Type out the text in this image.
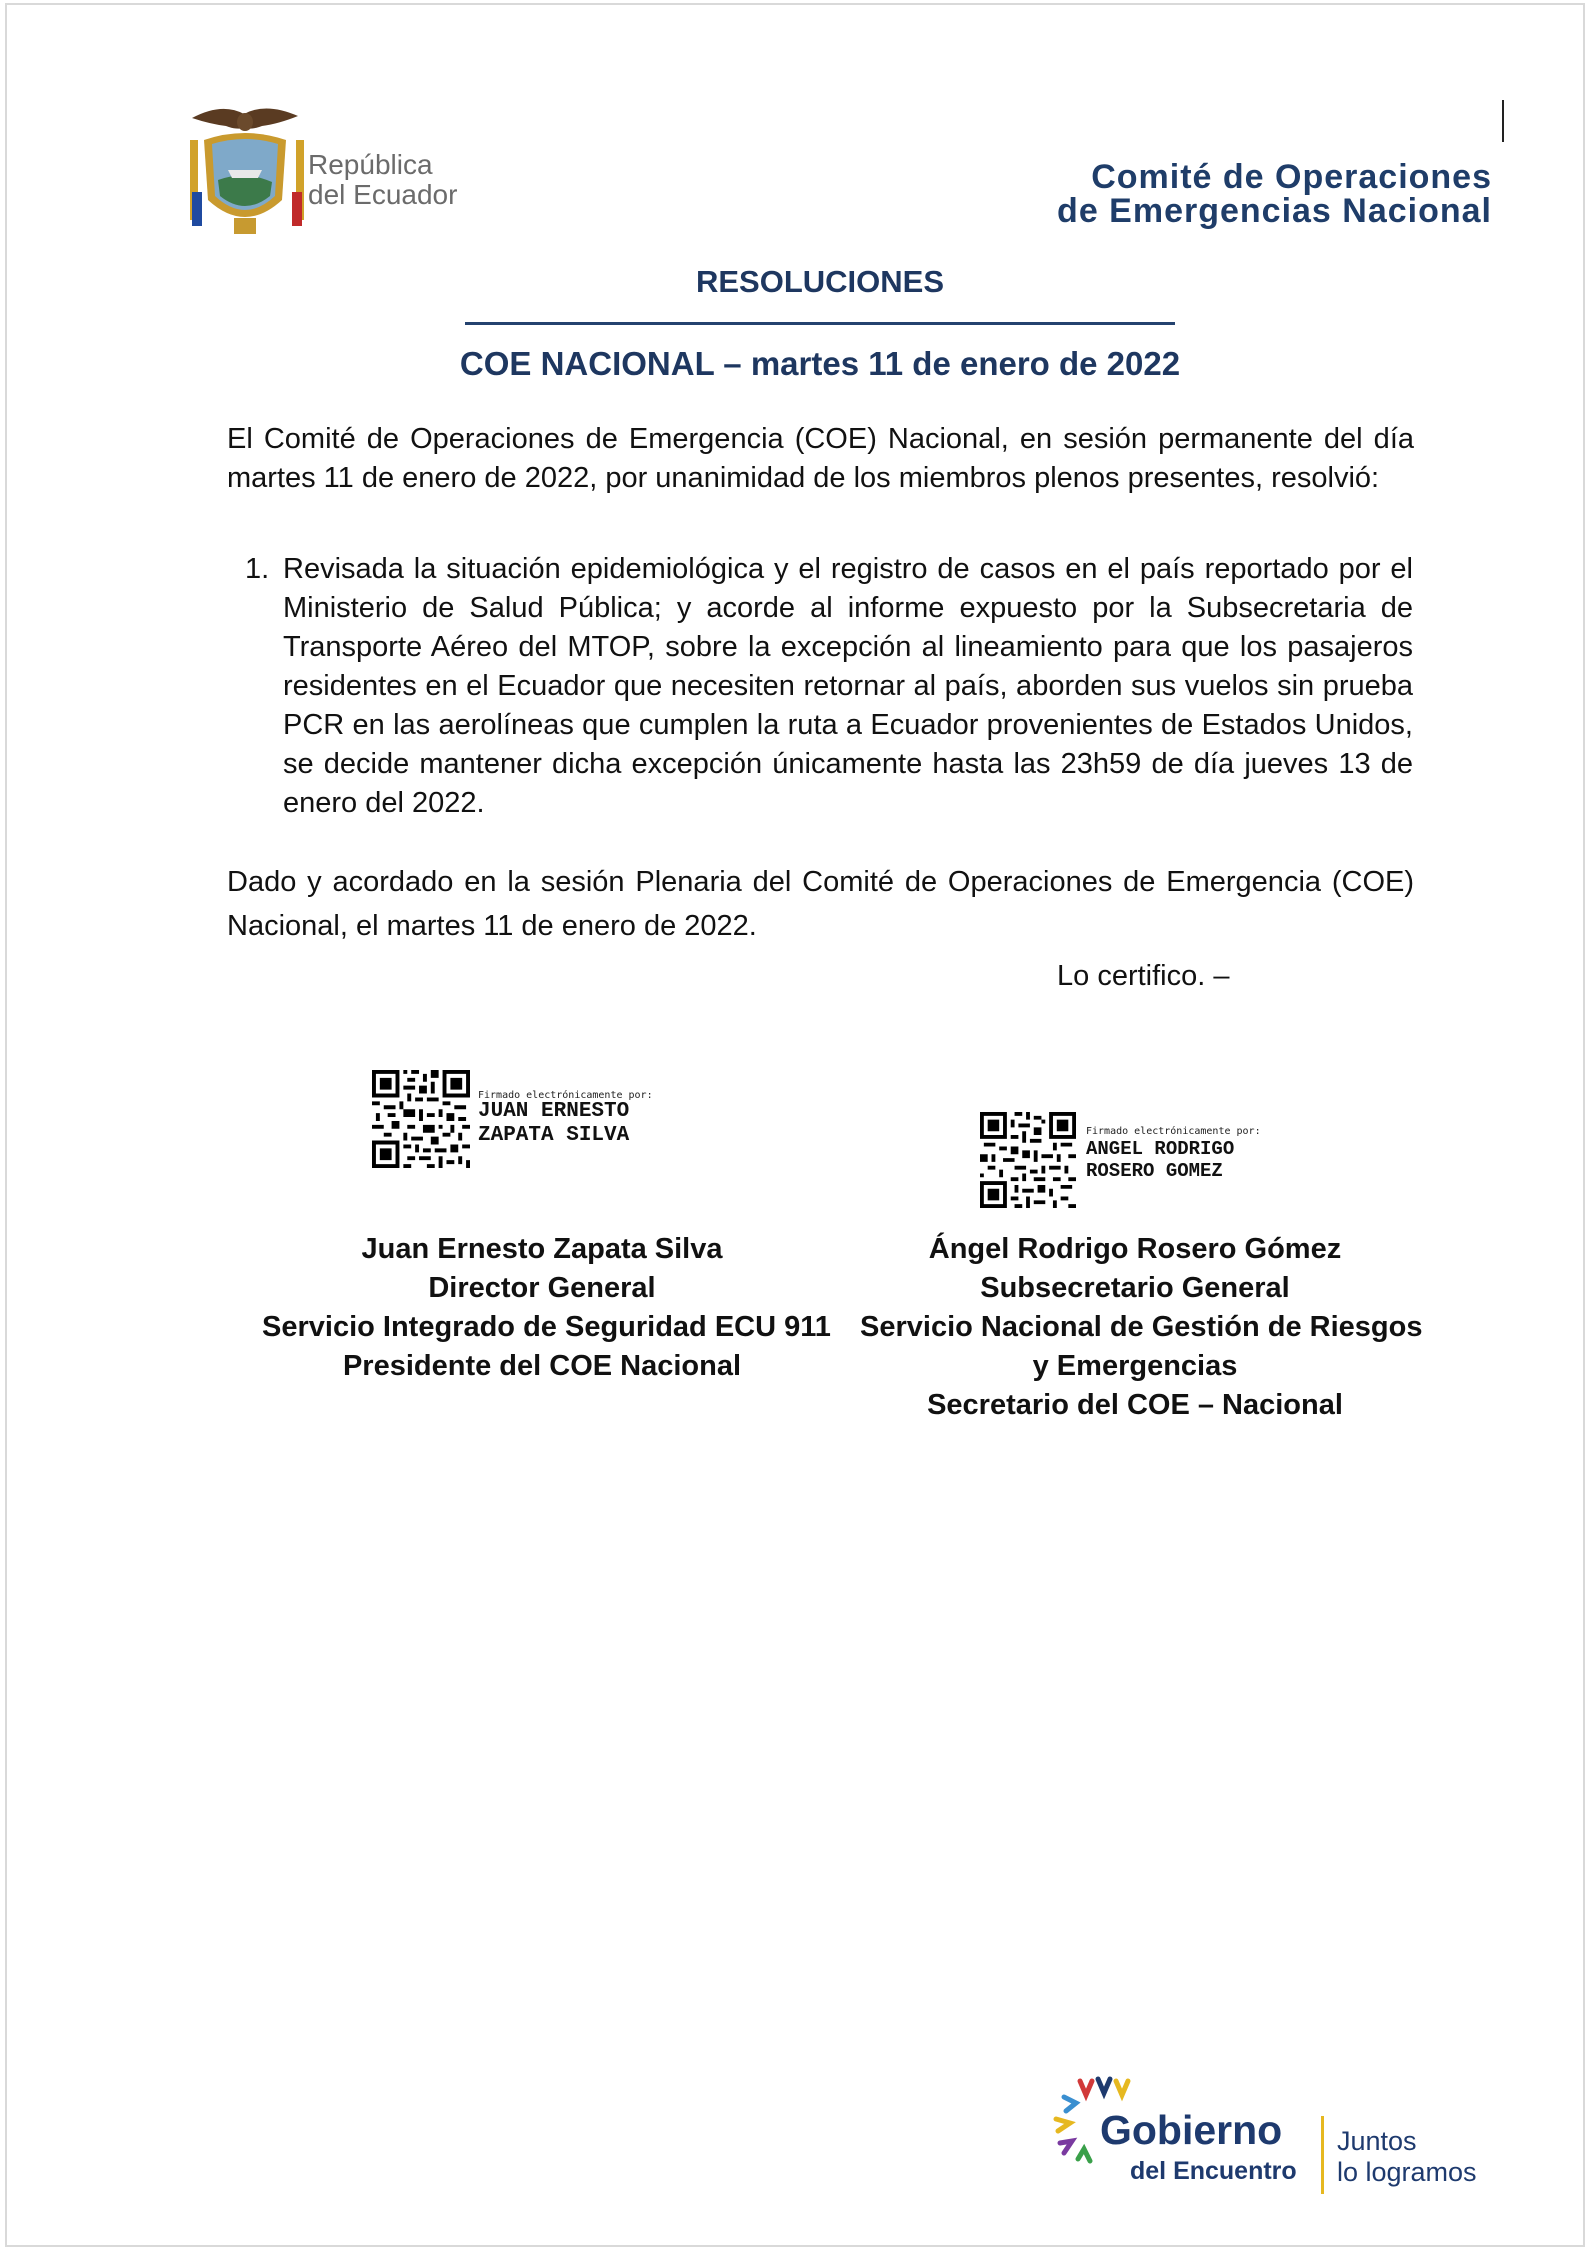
República
del Ecuador	Comité de Operaciones
de Emergencias Nacional
RESOLUCIONES
COE NACIONAL – martes 11 de enero de 2022
El Comité de Operaciones de Emergencia (COE) Nacional, en sesión permanente del día martes 11 de enero de 2022, por unanimidad de los miembros plenos presentes, resolvió:
1. Revisada la situación epidemiológica y el registro de casos en el país reportado por el Ministerio de Salud Pública; y acorde al informe expuesto por la Subsecretaria de Transporte Aéreo del MTOP, sobre la excepción al lineamiento para que los pasajeros residentes en el Ecuador que necesiten retornar al país, aborden sus vuelos sin prueba PCR en las aerolíneas que cumplen la ruta a Ecuador provenientes de Estados Unidos, se decide mantener dicha excepción únicamente hasta las 23h59 de día jueves 13 de enero del 2022.
Dado y acordado en la sesión Plenaria del Comité de Operaciones de Emergencia (COE) Nacional, el martes 11 de enero de 2022.
Lo certifico. –
Firmado electrónicamente por:
JUAN ERNESTO
ZAPATA SILVA	Firmado electrónicamente por:
ANGEL RODRIGO
ROSERO GOMEZ
Juan Ernesto Zapata Silva
Director General
Servicio Integrado de Seguridad ECU 911
Presidente del COE Nacional
Ángel Rodrigo Rosero Gómez
Subsecretario General
Servicio Nacional de Gestión de Riesgos
y Emergencias
Secretario del COE – Nacional
Gobierno
del Encuentro
Juntos
lo logramos
